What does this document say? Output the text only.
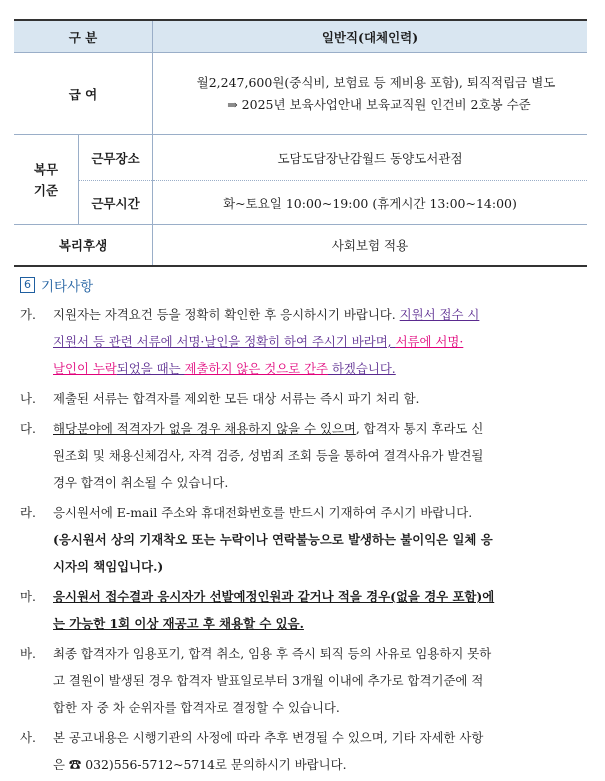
구 분		일반직(대체인력)
급 여		월2,247,600원(중식비, 보험료 등 제비용 포함), 퇴직적립금 별도
⇒ 2025년 보육사업안내 보육교직원 인건비 2호봉 수준

복무
기준	근무장소	도담도담장난감월드 동양도서관점
	근무시간	화~토요일 10:00~19:00 (휴게시간 13:00~14:00)
복리후생		사회보험 적용
6 기타사항
가. 지원자는 자격요건 등을 정확히 확인한 후 응시하시기 바랍니다. 지원서 접수 시
지원서 등 관련 서류에 서명·날인을 정확히 하여 주시기 바라며, 서류에 서명·
날인이 누락되었을 때는 제출하지 않은 것으로 간주 하겠습니다.
나. 제출된 서류는 합격자를 제외한 모든 대상 서류는 즉시 파기 처리 함.
다. 해당분야에 적격자가 없을 경우 채용하지 않을 수 있으며, 합격자 통지 후라도 신
원조회 및 채용신체검사, 자격 검증, 성범죄 조회 등을 통하여 결격사유가 발견될
경우 합격이 취소될 수 있습니다.
라. 응시원서에 E-mail 주소와 휴대전화번호를 반드시 기재하여 주시기 바랍니다.
(응시원서 상의 기재착오 또는 누락이나 연락불능으로 발생하는 불이익은 일체 응
시자의 책임입니다.)
마. 응시원서 접수결과 응시자가 선발예정인원과 같거나 적을 경우(없을 경우 포함)에
는 가능한 1회 이상 재공고 후 채용할 수 있음.
바. 최종 합격자가 임용포기, 합격 취소, 임용 후 즉시 퇴직 등의 사유로 임용하지 못하
고 결원이 발생된 경우 합격자 발표일로부터 3개월 이내에 추가로 합격기준에 적
합한 자 중 차 순위자를 합격자로 결정할 수 있습니다.
사. 본 공고내용은 시행기관의 사정에 따라 추후 변경될 수 있으며, 기타 자세한 사항
은 ☎ 032)556-5712~5714로 문의하시기 바랍니다.
